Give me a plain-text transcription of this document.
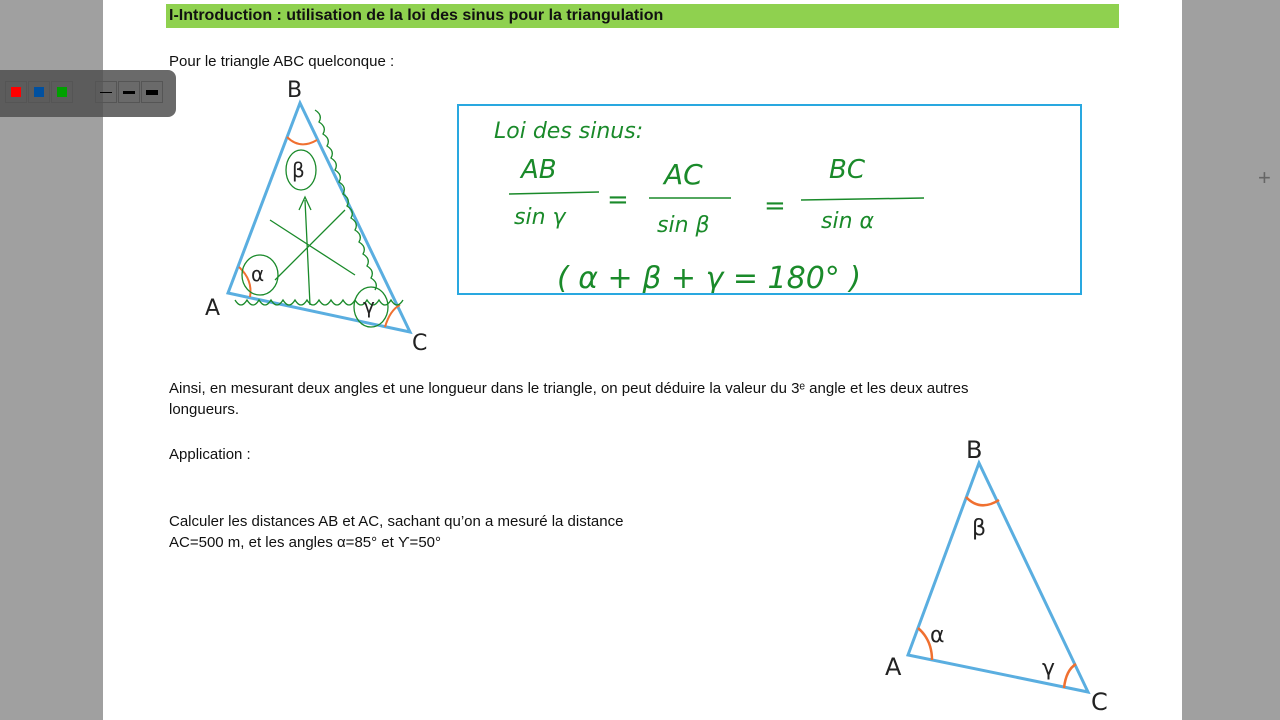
+
I-Introduction : utilisation de la loi des sinus pour la triangulation
Pour le triangle ABC quelconque :
B
A
C
β
α
γ
Loi des sinus:
AB
sin γ
=
AC
sin β
=
BC
sin α
( α + β + γ = 180° )
Ainsi, en mesurant deux angles et une longueur dans le triangle, on peut déduire la valeur du 3ᵉ angle et les deux autres
longueurs.
Application :
Calculer les distances AB et AC, sachant qu’on a mesuré la distance
AC=500 m, et les angles α=85° et ϒ=50°
B
A
C
β
α
γ
